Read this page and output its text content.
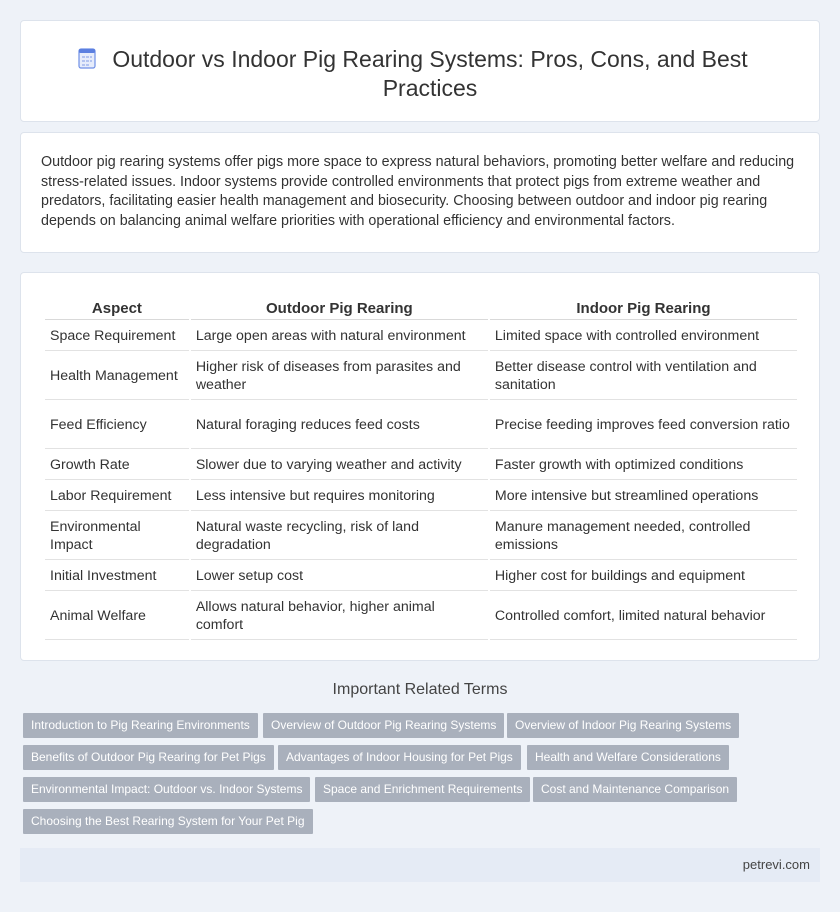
Outdoor vs Indoor Pig Rearing Systems: Pros, Cons, and Best Practices

Outdoor pig rearing systems offer pigs more space to express natural behaviors, promoting better welfare and reducing stress-related issues. Indoor systems provide controlled environments that protect pigs from extreme weather and predators, facilitating easier health management and biosecurity. Choosing between outdoor and indoor pig rearing depends on balancing animal welfare priorities with operational efficiency and environmental factors.

Aspect	Outdoor Pig Rearing	Indoor Pig Rearing
Space Requirement	Large open areas with natural environment	Limited space with controlled environment
Health Management	Higher risk of diseases from parasites and weather	Better disease control with ventilation and sanitation
Feed Efficiency	Natural foraging reduces feed costs	Precise feeding improves feed conversion ratio
Growth Rate	Slower due to varying weather and activity	Faster growth with optimized conditions
Labor Requirement	Less intensive but requires monitoring	More intensive but streamlined operations
Environmental Impact	Natural waste recycling, risk of land degradation	Manure management needed, controlled emissions
Initial Investment	Lower setup cost	Higher cost for buildings and equipment
Animal Welfare	Allows natural behavior, higher animal comfort	Controlled comfort, limited natural behavior
Important Related Terms
Introduction to Pig Rearing Environments	Overview of Outdoor Pig Rearing Systems	Overview of Indoor Pig Rearing Systems
Benefits of Outdoor Pig Rearing for Pet Pigs	Advantages of Indoor Housing for Pet Pigs	Health and Welfare Considerations
Environmental Impact: Outdoor vs. Indoor Systems	Space and Enrichment Requirements	Cost and Maintenance Comparison
Choosing the Best Rearing System for Your Pet Pig
petrevi.com
